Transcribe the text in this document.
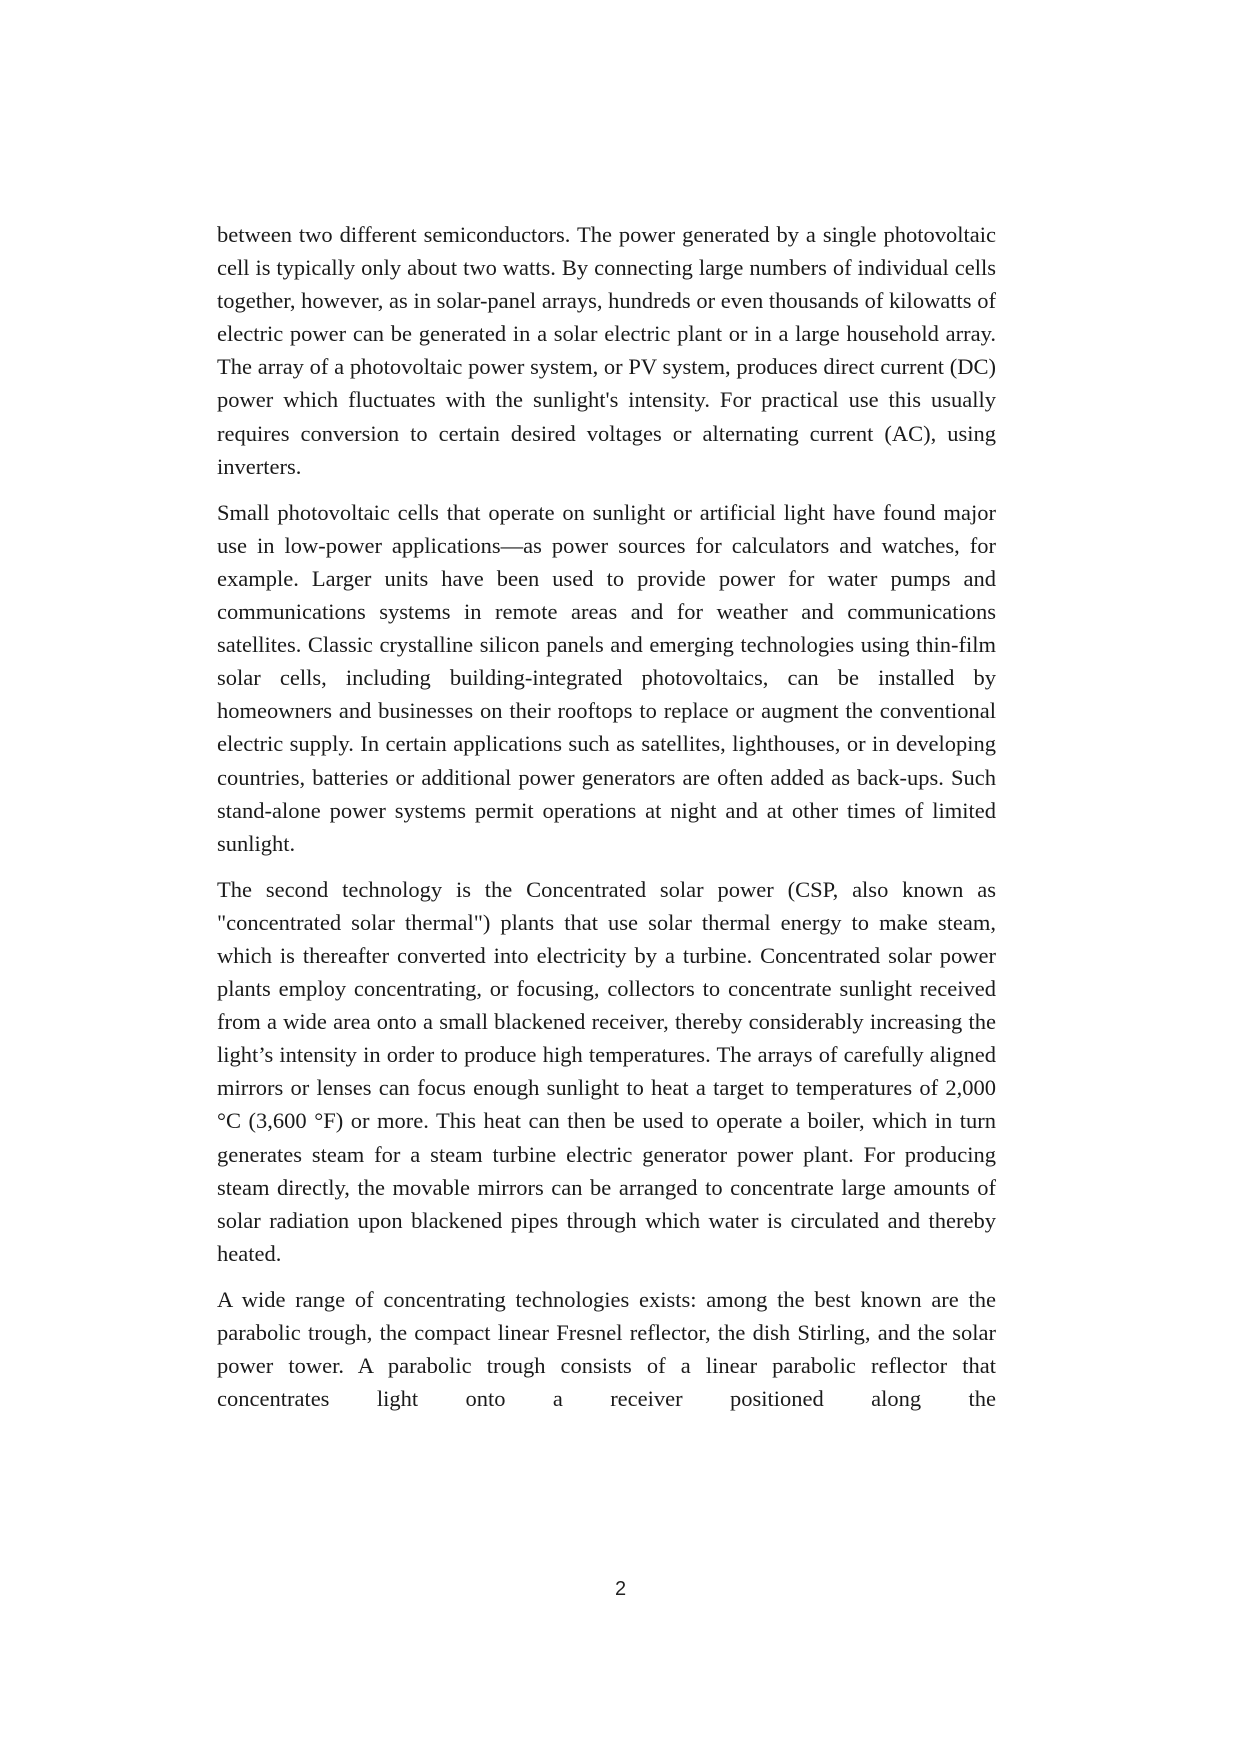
between two different semiconductors. The power generated by a single photovoltaic cell is typically only about two watts. By connecting large numbers of individual cells together, however, as in solar-panel arrays, hundreds or even thousands of kilowatts of electric power can be generated in a solar electric plant or in a large household array. The array of a photovoltaic power system, or PV system, produces direct current (DC) power which fluctuates with the sunlight's intensity. For practical use this usually requires conversion to certain desired voltages or alternating current (AC), using inverters.

Small photovoltaic cells that operate on sunlight or artificial light have found major use in low-power applications—as power sources for calculators and watches, for example. Larger units have been used to provide power for water pumps and communications systems in remote areas and for weather and communications satellites. Classic crystalline silicon panels and emerging technologies using thin-film solar cells, including building-integrated photovoltaics, can be installed by homeowners and businesses on their rooftops to replace or augment the conventional electric supply. In certain applications such as satellites, lighthouses, or in developing countries, batteries or additional power generators are often added as back-ups. Such stand-alone power systems permit operations at night and at other times of limited sunlight.

The second technology is the Concentrated solar power (CSP, also known as "concentrated solar thermal") plants that use solar thermal energy to make steam, which is thereafter converted into electricity by a turbine. Concentrated solar power plants employ concentrating, or focusing, collectors to concentrate sunlight received from a wide area onto a small blackened receiver, thereby considerably increasing the light’s intensity in order to produce high temperatures. The arrays of carefully aligned mirrors or lenses can focus enough sunlight to heat a target to temperatures of 2,000 °C (3,600 °F) or more. This heat can then be used to operate a boiler, which in turn generates steam for a steam turbine electric generator power plant. For producing steam directly, the movable mirrors can be arranged to concentrate large amounts of solar radiation upon blackened pipes through which water is circulated and thereby heated.

A wide range of concentrating technologies exists: among the best known are the parabolic trough, the compact linear Fresnel reflector, the dish Stirling, and the solar power tower. A parabolic trough consists of a linear parabolic reflector that concentrates light onto a receiver positioned along the

2
